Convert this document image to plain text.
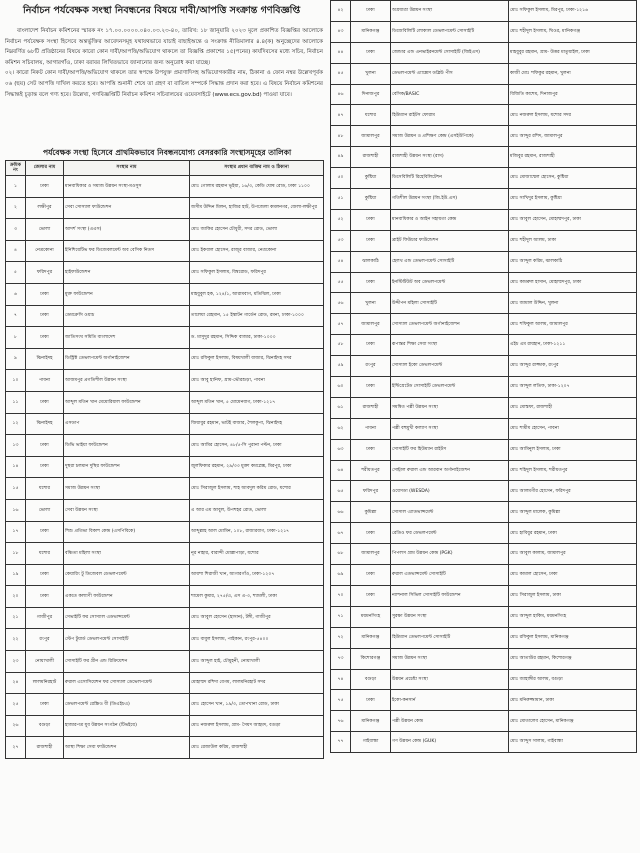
নির্বাচন পর্যবেক্ষক সংস্থা নিবন্ধনের বিষয়ে দাবী/আপত্তি সংক্রান্ত গণবিজ্ঞপ্তি
বাংলাদেশ নির্বাচন কমিশনের স্মারক নং ১৭.০০.০০০০.০৪০.০৩.২৩-৪০, তারিখ: ১৮ জানুয়ারি ২০২৩ মূলে প্রকাশিত বিজ্ঞপ্তির আলোকে নির্বাচন পর্যবেক্ষক সংস্থা হিসেবে অন্তর্ভুক্তির আবেদনসমূহ যথাযথভাবে যাচাই বাছাইঅন্তে ও সংক্রান্ত নীতিমালার ৪.৪(ক) অনুচ্ছেদের আলোকে নিম্নবর্ণিত ৬৮টি প্রতিষ্ঠানের বিষয়ে কারো কোন দাবী/আপত্তি/অভিযোগ থাকলে তা বিজ্ঞপ্তি প্রকাশের ১৫(পনের) কার্যদিবসের মধ্যে সচিব, নির্বাচন কমিশন সচিবালয়, আগারগাঁও, ঢাকা বরাবর লিখিতভাবে জানানোর জন্য অনুরোধ করা যাচ্ছে।
০২। কারো নিকট কোন দাবী/আপত্তি/অভিযোগ থাকলে তার স্বপক্ষে উপযুক্ত প্রমাণাদিসহ অভিযোগকারীর নাম, ঠিকানা ও ফোন নম্বর উল্লেখপূর্বক ০৬ (ছয়) সেট আপত্তি দাখিল করতে হবে। আপত্তি শুনানী শেষে তা গ্রহণ বা বাতিল সম্পর্কে সিদ্ধান্ত প্রদান করা হবে। এ বিষয়ে নির্বাচন কমিশনের সিদ্ধান্তই চূড়ান্ত বলে গণ্য হবে। উল্লেখ্য, গণবিজ্ঞপ্তিটি নির্বাচন কমিশন সচিবালয়ের ওয়েবসাইটে (www.ecs.gov.bd) পাওয়া যাবে।
পর্যবেক্ষক সংস্থা হিসেবে প্রাথমিকভাবে নিবন্ধনযোগ্য বেসরকারি সংস্থাসমূহের তালিকা
ক্রমিক নং	জেলার নাম	সংস্থার নাম	সংস্থার প্রধান ব্যক্তির নাম ও ঠিকানা
১	ঢাকা	মানবাধিকার ও সমাজ উন্নয়ন সংস্থা-মওসুস	মোঃ গোলাম রহমান ভূইয়া, ১৬/৩, কেডি ঘোষ রোড, ঢাকা ১১০০
২	লক্ষীপুর	সেবা সোস্যাল ফাউন্ডেশন	জসীম উদ্দিন মিলন, হাজির হাট, উপজেলা কমলনগর, জেলা-লক্ষীপুর
৩	ভোলা	আদর্শ সংস্থা (এএস)	মোঃ জাকির হোসেন চৌধুরী, সদর রোড, ভোলা
৪	নেত্রকোনা	ইনিশিয়েটিভ ফর ডিজেবলমেন্ট অব বেসিক নিডস	মোঃ ইকবাল হোসেন, রাজূর বাজার, নেত্রকোনা
৫	ফরিদপুর	হাইফাউন্ডেশন	মোঃ সফিকুল ইসলাম, বিশ্বরোড, ফরিদপুর
৬	ঢাকা	মুক্ত ফাউন্ডেশন	মাহবুবুল হক, ১২৪/১, আরামবাগ, মতিঝিল, ঢাকা
৭	ঢাকা	ডেমক্রেসি ওয়াচ	তালেয়া রেহমান, ১৫ ইস্কাটন গার্ডেন রোড, রমনা, ঢাকা-১০০০
৮	ঢাকা	জাতিসংঘ সমিতি বাংলাদেশ	ড. মাসুদুর রহমান, সিদ্দিক বাজার, ঢাকা-১০০০
৯	ঝিনাইদহ	ডিস্ট্রিক্ট ডেভলপমেন্ট অর্গানাইজেশন	মোঃ রফিকুল ইসলাম, বিষয়খালী বাজার, ঝিনাইদহ সদর
১০	পাবনা	আজমপুর প্রগতিশীল উন্নয়ন সংস্থা	মোঃ আবু হানিফ, গ্রাম-ভৌরশুড়া, পাবনা
১১	ঢাকা	আব্দুল মতিন খান মেমোরিয়াল ফাউন্ডেশন	আব্দুল মতিন খান, ৫ মোমেনবাগ, ঢাকা-১২১৭
১২	ঝিনাইদহ	এসডাপ	জিয়াবুর রহমান, ভাটই বাজার, শৈলকুপা, ঝিনাইদহ
১৩	ঢাকা	ডিভি ভাইয়া ফাউন্ডেশন	মোঃ আমির হোসেন, ৪৮/৫-সি পুরানা পল্টন, ঢাকা
১৪	ঢাকা	দুস্থরা চলমান দুস্থির ফাউন্ডেশন	জুলফিকার রহমান, ২৯/৩৩ মুক্তা কমপ্লেক্স, মিরপুর, ঢাকা
১৫	যশোর	সমাজ উন্নয়ন সংস্থা	মোঃ সিরাজুল ইসলাম, শাহ আবদুল করিম রোড, যশোর
১৬	ভোলা	সেবা উন্নয়ন সংস্থা	এ আর এম আবুল, উপশহর রোড, ভোলা
১৭	ঢাকা	শিশু প্রতিভা বিকাশ কেন্দ্র (এসপিবিকে)	আব্দুল্লাহ আল মোমিন, ১০৮, রাজারবাগ, ঢাকা-১২১৭
১৮	যশোর	বঞ্চিতা মহিলা সংস্থা	নূর নাহার, বারান্দী মোল্লাপাড়া, যশোর
১৯	ঢাকা	কেয়ারিং টু ডিজেবল ডেভলপমেন্ট	আয়শা শিরাজী খান, আগারগাঁও, ঢাকা-১২০৭
২০	ঢাকা	একতে কল্যাণী ফাউন্ডেশন	শামেল কুমার, ২৭৫/এ, এস এ-৩, শ্যামলী, ঢাকা
২১	গাজীপুর	সেভাইটি ফর সোস্যাল এডভান্সমেন্ট	মোঃ আবুল হোসেন (হাসান), টঙ্গী, গাজীপুর
২২	রংপুর	স্টেপ টুয়ার্ড ডেভলপমেন্ট সোসাইটি	মোঃ বাবুল ইসলাম, পাইকান, রংপুর-৫৪০০
২৩	নোয়াখালী	সোসাইটি ফর গ্রীন এন্ড রিক্রিয়েশন	মোঃ আব্দুল হাই, চৌমুহনী, নোয়াখালী
২৪	লালমনিরহাট	রুরাল এসোসিয়েশন ফর সোস্যাল ডেভেলপমেন্ট	মোহাম্মদ রশিদা বেগম, লালমনিরহাট সদর
২৫	ঢাকা	ডেভলপমেন্ট রেস্ক্রিও বী (ডিএইচএ)	মোঃ হোসেন খান, ১৯/৩, তোপখানা রোড, ঢাকা
২৬	বগুড়া	হাজারপত্র যুব উন্নয়ন সংগঠন (টিভইয়ে)	মোঃ নজরুল ইসলাম, গ্রাম- সৈয়দ আহমদ, বগুড়া
২৭	রাজশাহী	আস্থা শিক্ষা সেবা ফাউন্ডেশন	মোঃ রেজাউল করিম, রাজশাহী
৪২	ঢাকা	অগ্রযাত্রা উন্নয়ন সংস্থা	মোঃ সফিকুল ইসলাম, মিরপুর, ঢাকা-১২১৬
৪৩	মানিকগঞ্জ	ডিজেবিলিটি লোকাল ডেভলপমেন্ট সোসাইটি	মোঃ শহীদুল ইসলাম, ঘিওর, মানিকগঞ্জ
৪৪	ঢাকা	জেন্ডার এন্ড এনভাইরনমেন্ট সোসাইটি (জিইএস)	মাহবুবুর রহমান, গ্রাম- উত্তর মাতুয়াইল, ঢাকা
৪৫	খুলনা	ডেভলপমেন্ট এ্যাক্সেস ডব্লিউ পীস	কাজী মোঃ শফিকুর রহমান, খুলনা
৪৬	দিনাজপুর	বেসিক/BASIC	বিজিতি কাশেম, দিনাজপুর
৪৭	যশোর	হিউম্যান রাইটস ফোরাম	মোঃ নজরুল ইসলাম, যশোর সদর
৪৮	জামালপুর	সমাজ উন্নয়ন ও প্রশিক্ষণ কেন্দ্র (এসইউপিকে)	মোঃ আব্দুর রশিদ, জামালপুর
৪৯	রাজশাহী	রাজশাহী উন্নয়ন সংস্থা (রাস)	মজিবুর রহমান, রাজশাহী
৫০	কুষ্টিয়া	ডিসেবিলিটি রিহেবিলিটেশন	মোঃ মোজাম্মেল হোসেন, কুষ্টিয়া
৫১	কুষ্টিয়া	গতিশীল উন্নয়ন সংস্থা (জি.ইউ.এস)	মোঃ সাখিদুর ইসলাম, কুষ্টিয়া
৫২	ঢাকা	মানবাধিকার ও আইন সহায়তা কেন্দ্র	মোঃ আবুল হোসেন, মোহাম্মদপুর, ঢাকা
৫৩	ঢাকা	ব্রাইট ফিউচার ফাউন্ডেশন	মোঃ শহীদুল আলম, ঢাকা
৫৪	ঝালকাঠি	হেলথ এন্ড ডেভলপমেন্ট সোসাইটি	মোঃ আব্দুল করিম, ঝালকাঠি
৫৫	ঢাকা	ইনস্টিটিউট অব ডেভলপমেন্ট	মোঃ কামরুল হাসান, মোহাম্মদপুর, ঢাকা
৫৬	খুলনা	উদ্দীপন মহিলা সোসাইটি	মোঃ জামাল উদ্দিন, খুলনা
৫৭	জামালপুর	সোস্যাল ডেভলপমেন্ট অর্গানাইজেশন	মোঃ শফিকুল আলম, জামালপুর
৫৮	ঢাকা	রূপান্তর শিক্ষা সেবা সংস্থা	এইচ এম রায়হান, ঢাকা-১২১১
৫৯	রংপুর	সোস্যাল ইকো ডেভলপমেন্ট	মোঃ আব্দুর রাজ্জাক, রংপুর
৬০	ঢাকা	ইন্টিগ্রেটেড সোসাইটি ডেভলপমেন্ট	মোঃ আব্দুল লতিফ, ঢাকা-১২০৭
৬১	রাজশাহী	সমন্বিত পল্লী উন্নয়ন সংস্থা	মোঃ মোস্তফা, রাজশাহী
৬২	পাবনা	পল্লী বহুমুখী কল্যাণ সংস্থা	মোঃ শামীম হোসেন, পাবনা
৬৩	ঢাকা	সোসাইটি ফর হিউম্যান রাইটস	মোঃ আমিনুল ইসলাম, ঢাকা
৬৪	শরীয়তপুর	সেন্ট্রাল রুরাল এন্ড আরবান অর্গানাইজেশন	মোঃ শহিদুল ইসলাম, শরীয়তপুর
৬৫	ফরিদপুর	ওয়েসডা (WESDA)	মোঃ আলমগীর হোসেন, ফরিদপুর
৬৬	কুমিল্লা	সোসাল এ্যাডভান্সমেন্ট	মোঃ আব্দুল মালেক, কুমিল্লা
৬৭	ঢাকা	রেডিও ফর ডেভলপমেন্ট	মোঃ হাবিবুর রহমান, ঢাকা
৬৮	জামালপুর	পিপলস গ্রাম উন্নয়ন কেন্দ্র (PGK)	মোঃ আবুল কালাম, জামালপুর
৬৯	ঢাকা	রুরাল এডভান্সমেন্ট সোসাইটি	মোঃ কামাল হোসেন, ঢাকা
৭০	ঢাকা	ন্যাশনাল সিভিল সোসাইটি ফাউন্ডেশন	মোঃ সিরাজুল ইসলাম, ঢাকা
৭১	ময়মনসিংহ	সুরক্ষা উন্নয়ন সংস্থা	মোঃ আব্দুল হাকিম, ময়মনসিংহ
৭২	মানিকগঞ্জ	হিউম্যান ডেভলপমেন্ট সোসাইটি	মোঃ রফিকুল ইসলাম, মানিকগঞ্জ
৭৩	কিশোরগঞ্জ	সমাজ উন্নয়ন সংস্থা	মোঃ আতাউর রহমান, কিশোরগঞ্জ
৭৪	বগুড়া	উন্নয়ন প্রচেষ্টা সংস্থা	মোঃ জাহাঙ্গীর আলম, বগুড়া
৭৫	ঢাকা	ইকো-কনসার্ন	মোঃ মনিরুজ্জামান, ঢাকা
৭৬	মানিকগঞ্জ	পল্লী উন্নয়ন কেন্দ্র	মোঃ মোতালেব হোসেন, মানিকগঞ্জ
৭৭	গাইবান্ধা	গণ উন্নয়ন কেন্দ্র (GUK)	মোঃ আব্দুস সালাম, গাইবান্ধা
